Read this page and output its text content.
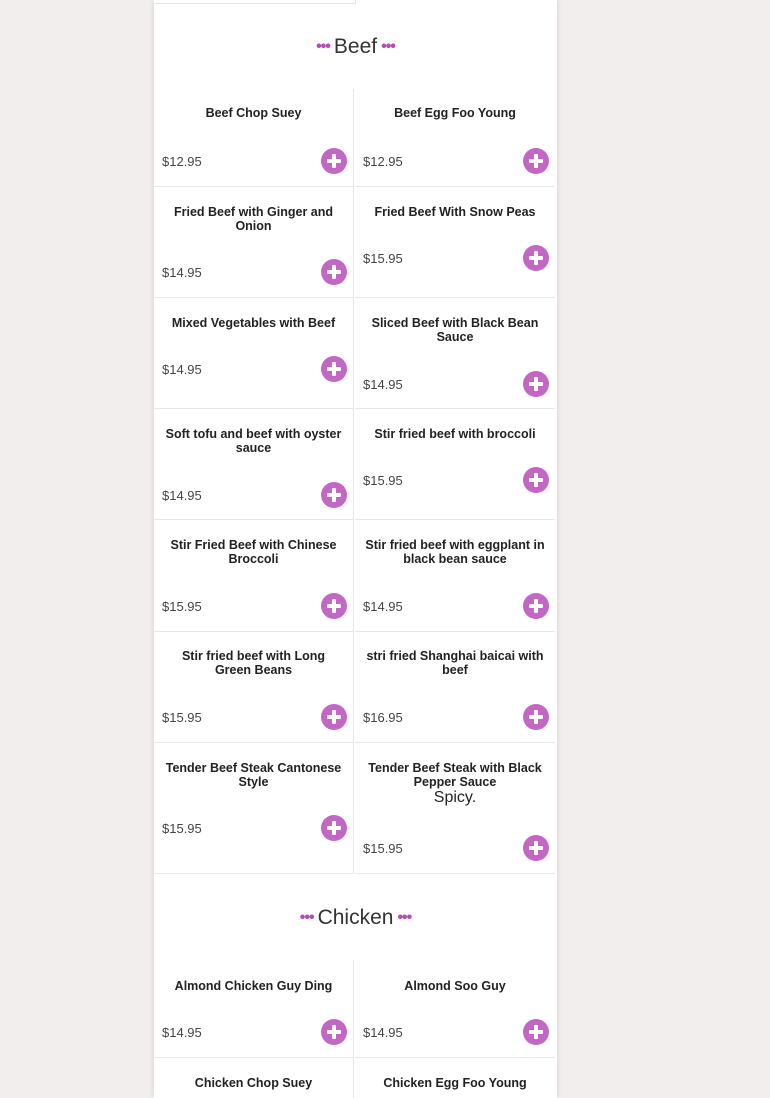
••• Beef •••
Beef Chop Suey
$12.95
Beef Egg Foo Young
$12.95
Fried Beef with Ginger and Onion
$14.95
Fried Beef With Snow Peas
$15.95
Mixed Vegetables with Beef
$14.95
Sliced Beef with Black Bean Sauce
$14.95
Soft tofu and beef with oyster sauce
$14.95
Stir fried beef with broccoli
$15.95
Stir Fried Beef with Chinese Broccoli
$15.95
Stir fried beef with eggplant in black bean sauce
$14.95
Stir fried beef with Long Green Beans
$15.95
stri fried Shanghai baicai with beef
$16.95
Tender Beef Steak Cantonese Style
$15.95
Tender Beef Steak with Black Pepper Sauce
Spicy.
$15.95
••• Chicken •••
Almond Chicken Guy Ding
$14.95
Almond Soo Guy
$14.95
Chicken Chop Suey	Chicken Egg Foo Young
